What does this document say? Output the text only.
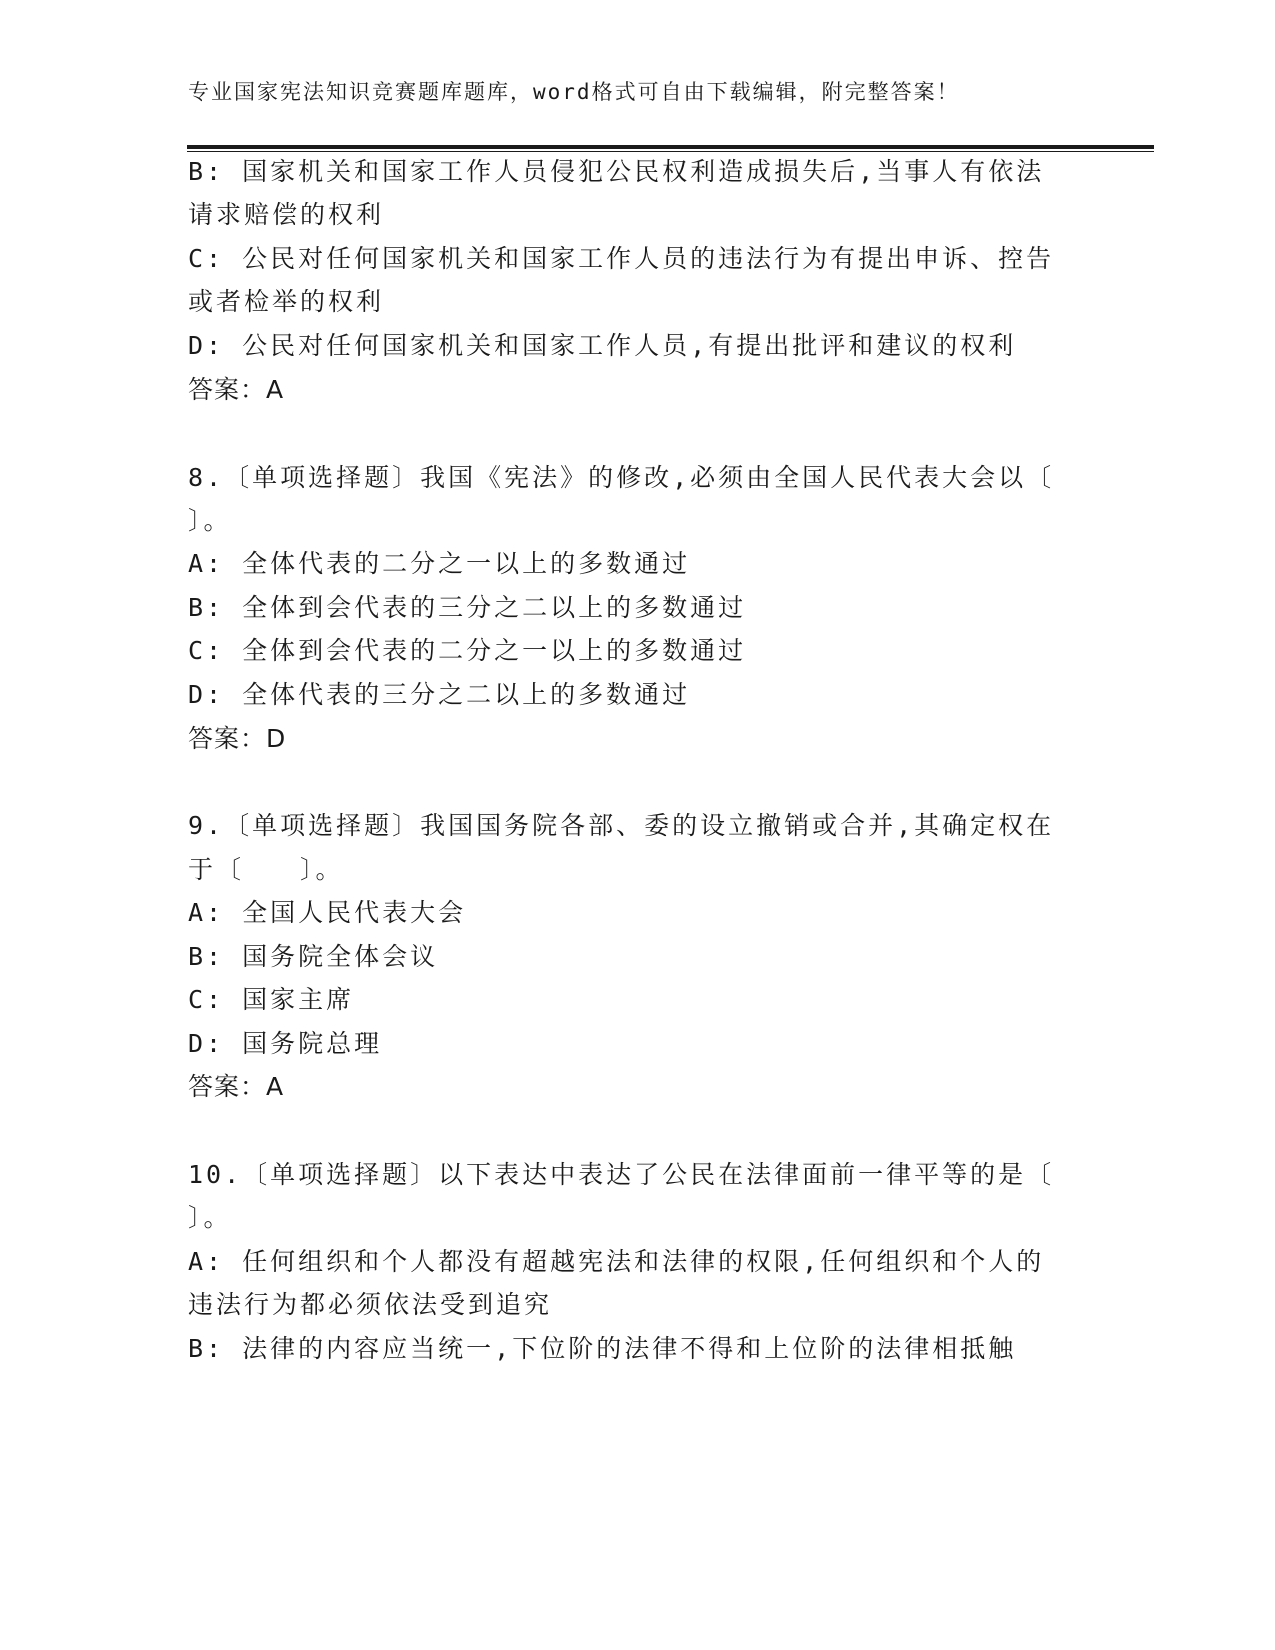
专业国家宪法知识竞赛题库题库，word格式可自由下载编辑，附完整答案！
B: 国家机关和国家工作人员侵犯公民权利造成损失后,当事人有依法
请求赔偿的权利
C: 公民对任何国家机关和国家工作人员的违法行为有提出申诉、控告
或者检举的权利
D: 公民对任何国家机关和国家工作人员,有提出批评和建议的权利
答案：A
8.〔单项选择题〕我国《宪法》的修改,必须由全国人民代表大会以〔
〕。
A: 全体代表的二分之一以上的多数通过
B: 全体到会代表的三分之二以上的多数通过
C: 全体到会代表的二分之一以上的多数通过
D: 全体代表的三分之二以上的多数通过
答案：D
9.〔单项选择题〕我国国务院各部、委的设立撤销或合并,其确定权在
于〔　　〕。
A: 全国人民代表大会
B: 国务院全体会议
C: 国家主席
D: 国务院总理
答案：A
10.〔单项选择题〕以下表达中表达了公民在法律面前一律平等的是〔
〕。
A: 任何组织和个人都没有超越宪法和法律的权限,任何组织和个人的
违法行为都必须依法受到追究
B: 法律的内容应当统一,下位阶的法律不得和上位阶的法律相抵触
